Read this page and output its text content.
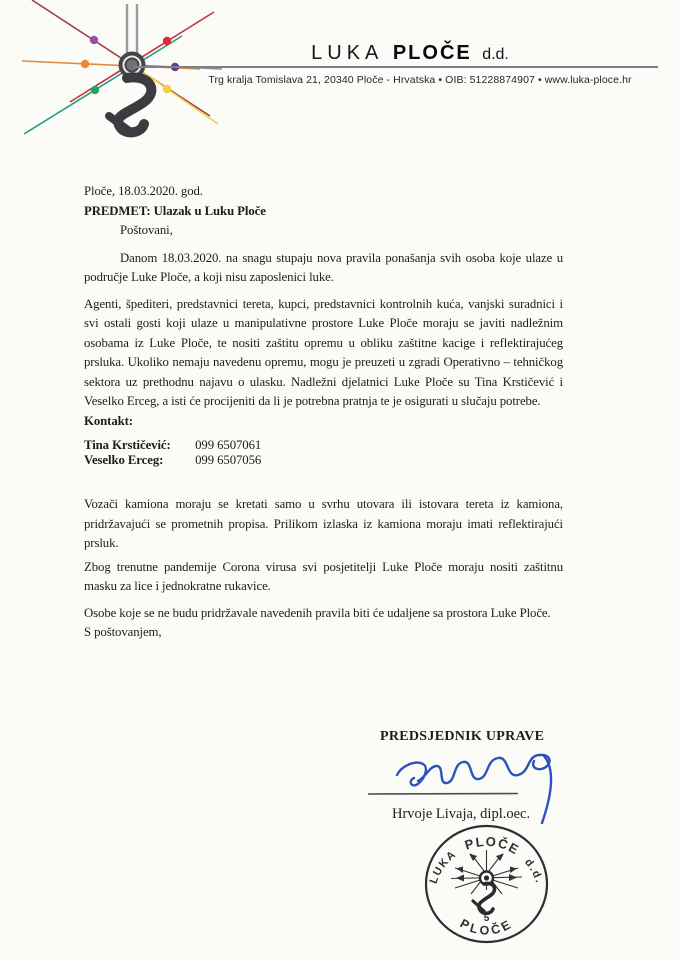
LUKA PLOČE d.d.
Trg kralja Tomislava 21, 20340 Ploče - Hrvatska • OIB: 51228874907 • www.luka-ploce.hr

Ploče, 18.03.2020. god.

PREDMET: Ulazak u Luku Ploče

Poštovani,

Danom 18.03.2020. na snagu stupaju nova pravila ponašanja svih osoba koje ulaze u
područje Luke Ploče, a koji nisu zaposlenici luke.
Agenti, špediteri, predstavnici tereta, kupci, predstavnici kontrolnih kuća, vanjski suradnici i
svi ostali gosti koji ulaze u manipulativne prostore Luke Ploče moraju se javiti nadležnim
osobama iz Luke Ploče, te nositi zaštitu opremu u obliku zaštitne kacige i reflektirajućeg
prsluka. Ukoliko nemaju navedenu opremu, mogu je preuzeti u zgradi Operativno – tehničkog
sektora uz prethodnu najavu o ulasku. Nadležni djelatnici Luke Ploče su Tina Krstičević i
Veselko Erceg, a isti će procijeniti da li je potrebna pratnja te je osigurati u slučaju potrebe.

Kontakt:

Tina Krstičević: 099 6507061
Veselko Erceg: 099 6507056
Vozači kamiona moraju se kretati samo u svrhu utovara ili istovara tereta iz kamiona,
pridržavajući se prometnih propisa. Prilikom izlaska iz kamiona moraju imati reflektirajući
prsluk.
Zbog trenutne pandemije Corona virusa svi posjetitelji Luke Ploče moraju nositi zaštitnu
masku za lice i jednokratne rukavice.
Osobe koje se ne budu pridržavale navedenih pravila biti će udaljene sa prostora Luke Ploče.

S poštovanjem,

PREDSJEDNIK UPRAVE
Hrvoje Livaja, dipl.oec.
LUKA  PLOČE  d.d.
5
PLOČE
